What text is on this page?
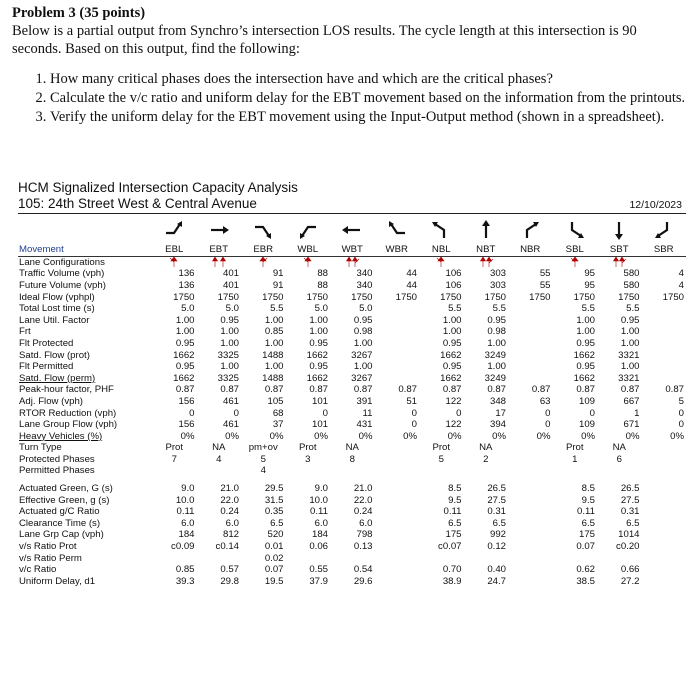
Problem 3 (35 points)
Below is a partial output from Synchro’s intersection LOS results. The cycle length at this intersection is 90 seconds. Based on this output, find the following:
1. How many critical phases does the intersection have and which are the critical phases?
2. Calculate the v/c ratio and uniform delay for the EBT movement based on the information from the printouts.
3. Verify the uniform delay for the EBT movement using the Input-Output method (shown in a spreadsheet).
HCM Signalized Intersection Capacity Analysis
105: 24th Street West & Central Avenue	12/10/2023
Movement	EBL	EBT	EBR	WBL	WBT	WBR	NBL	NBT	NBR	SBL	SBT	SBR
Lane Configurations	

Traffic Volume (vph)	136	401	91	88	340	44	106	303	55	95	580	4
Future Volume (vph)	136	401	91	88	340	44	106	303	55	95	580	4
Ideal Flow (vphpl)	1750	1750	1750	1750	1750	1750	1750	1750	1750	1750	1750	1750
Total Lost time (s)	5.0	5.0	5.5	5.0	5.0		5.5	5.5		5.5	5.5	
Lane Util. Factor	1.00	0.95	1.00	1.00	0.95		1.00	0.95		1.00	0.95	
Frt	1.00	1.00	0.85	1.00	0.98		1.00	0.98		1.00	1.00	
Flt Protected	0.95	1.00	1.00	0.95	1.00		0.95	1.00		0.95	1.00	
Satd. Flow (prot)	1662	3325	1488	1662	3267		1662	3249		1662	3321	
Flt Permitted	0.95	1.00	1.00	0.95	1.00		0.95	1.00		0.95	1.00	
Satd. Flow (perm)	1662	3325	1488	1662	3267		1662	3249		1662	3321	
Peak-hour factor, PHF	0.87	0.87	0.87	0.87	0.87	0.87	0.87	0.87	0.87	0.87	0.87	0.87
Adj. Flow (vph)	156	461	105	101	391	51	122	348	63	109	667	5
RTOR Reduction (vph)	0	0	68	0	11	0	0	17	0	0	1	0
Lane Group Flow (vph)	156	461	37	101	431	0	122	394	0	109	671	0
Heavy Vehicles (%)	0%	0%	0%	0%	0%	0%	0%	0%	0%	0%	0%	0%
Turn Type	Prot	NA	pm+ov	Prot	NA		Prot	NA		Prot	NA	
Protected Phases	7	4	5	3	8		5	2		1	6	
Permitted Phases			4									

Actuated Green, G (s)	9.0	21.0	29.5	9.0	21.0		8.5	26.5		8.5	26.5	
Effective Green, g (s)	10.0	22.0	31.5	10.0	22.0		9.5	27.5		9.5	27.5	
Actuated g/C Ratio	0.11	0.24	0.35	0.11	0.24		0.11	0.31		0.11	0.31	
Clearance Time (s)	6.0	6.0	6.5	6.0	6.0		6.5	6.5		6.5	6.5	
Lane Grp Cap (vph)	184	812	520	184	798		175	992		175	1014	
v/s Ratio Prot	c0.09	c0.14	0.01	0.06	0.13		c0.07	0.12		0.07	c0.20	
v/s Ratio Perm			0.02									
v/c Ratio	0.85	0.57	0.07	0.55	0.54		0.70	0.40		0.62	0.66	
Uniform Delay, d1	39.3	29.8	19.5	37.9	29.6		38.9	24.7		38.5	27.2	
